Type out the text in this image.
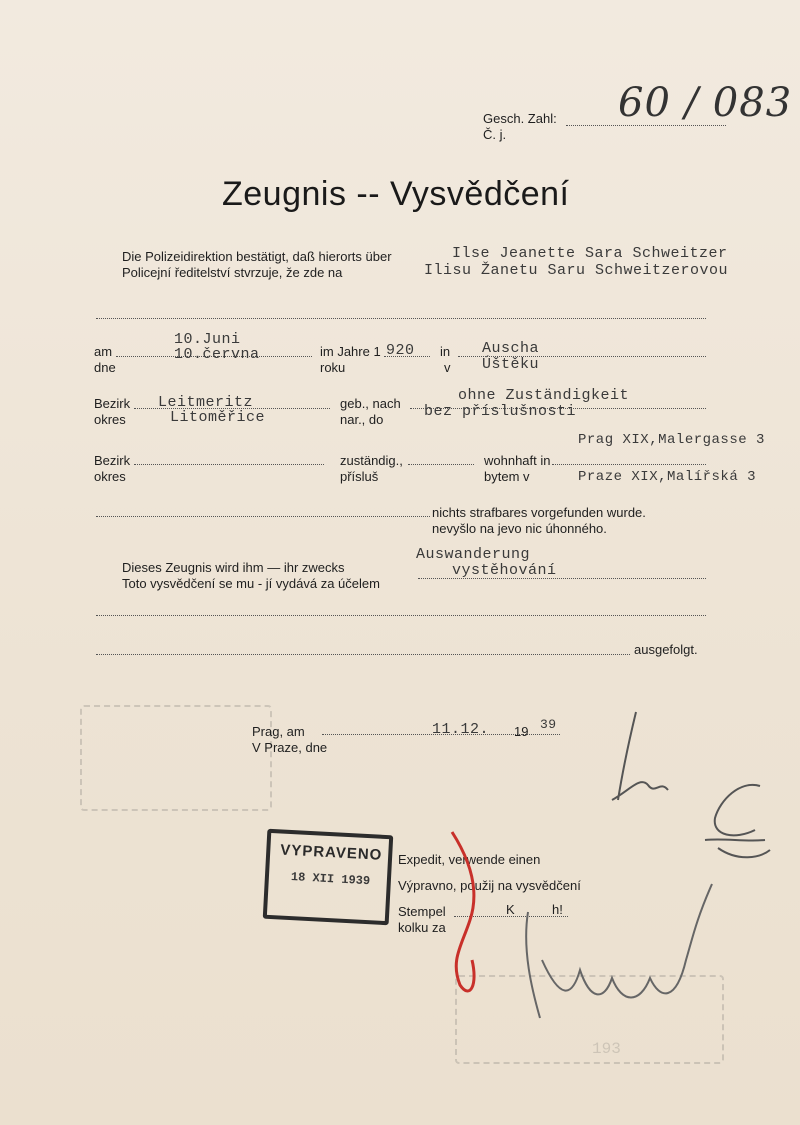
193
Gesch. Zahl:
Č. j.
60 / 083
Zeugnis -- Vysvědčení
Die Polizeidirektion bestätigt, daß hierorts über
Policejní ředitelství stvrzuje, že zde na
Ilse Jeanette Sara Schweitzer
Ilisu Žanetu Saru Schweitzerovou
am
dne
10.Juni
10.června	im Jahre 1
roku
920 in
v
Auscha
Úštěku
Bezirk
okres
Leitmeritz
Litoměřice
geb., nach
nar., do
ohne Zuständigkeit
bez příslušnosti
Bezirk
okres
zuständig.,
přísluš
wohnhaft in
bytem v
Prag XIX,Malergasse 3
Praze XIX,Malířská 3
nichts strafbares vorgefunden wurde.
nevyšlo na jevo nic úhonného.
Dieses Zeugnis wird ihm — ihr zwecks
Toto vysvědčení se mu - jí vydává za účelem
Auswanderung
vystěhování
ausgefolgt.
Prag, am
V Praze, dne
11.12. 19 39
VYPRAVENO
18 XII 1939
Expedit, verwende einen
Výpravno, použij na vysvědčení
Stempel
kolku za
K	h!
